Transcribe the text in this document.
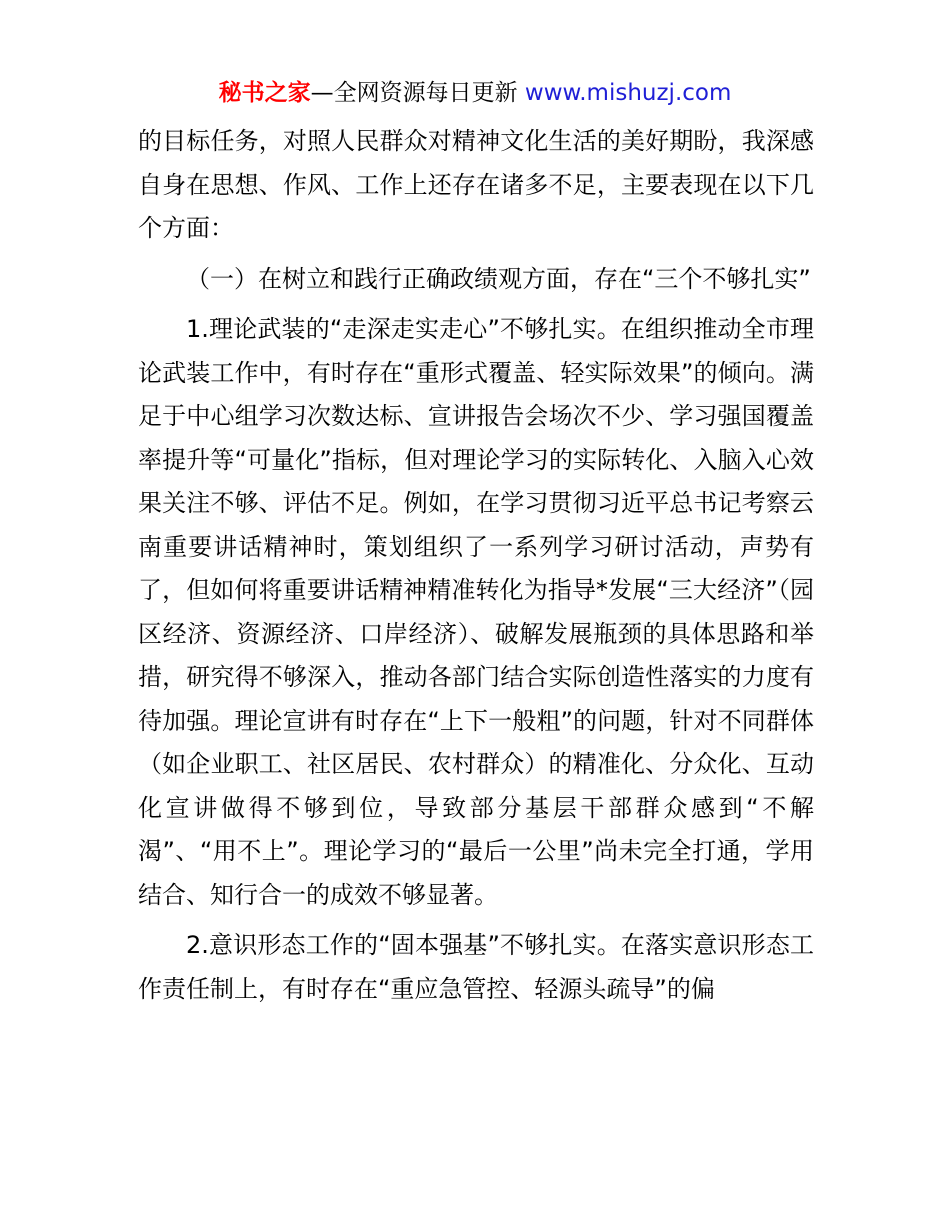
秘书之家—全网资源每日更新 www.mishuzj.com

的目标任务，对照人民群众对精神文化生活的美好期盼，我深感自身在思想、作风、工作上还存在诸多不足，主要表现在以下几个方面：

（一）在树立和践行正确政绩观方面，存在“三个不够扎实”

1.理论武装的“走深走实走心”不够扎实。在组织推动全市理论武装工作中，有时存在“重形式覆盖、轻实际效果”的倾向。满足于中心组学习次数达标、宣讲报告会场次不少、学习强国覆盖率提升等“可量化”指标，但对理论学习的实际转化、入脑入心效果关注不够、评估不足。例如，在学习贯彻习近平总书记考察云南重要讲话精神时，策划组织了一系列学习研讨活动，声势有了，但如何将重要讲话精神精准转化为指导*发展“三大经济”（园区经济、资源经济、口岸经济）、破解发展瓶颈的具体思路和举措，研究得不够深入，推动各部门结合实际创造性落实的力度有待加强。理论宣讲有时存在“上下一般粗”的问题，针对不同群体（如企业职工、社区居民、农村群众）的精准化、分众化、互动化宣讲做得不够到位，导致部分基层干部群众感到“不解渴”、“用不上”。理论学习的“最后一公里”尚未完全打通，学用结合、知行合一的成效不够显著。

2.意识形态工作的“固本强基”不够扎实。在落实意识形态工作责任制上，有时存在“重应急管控、轻源头疏导”的偏
